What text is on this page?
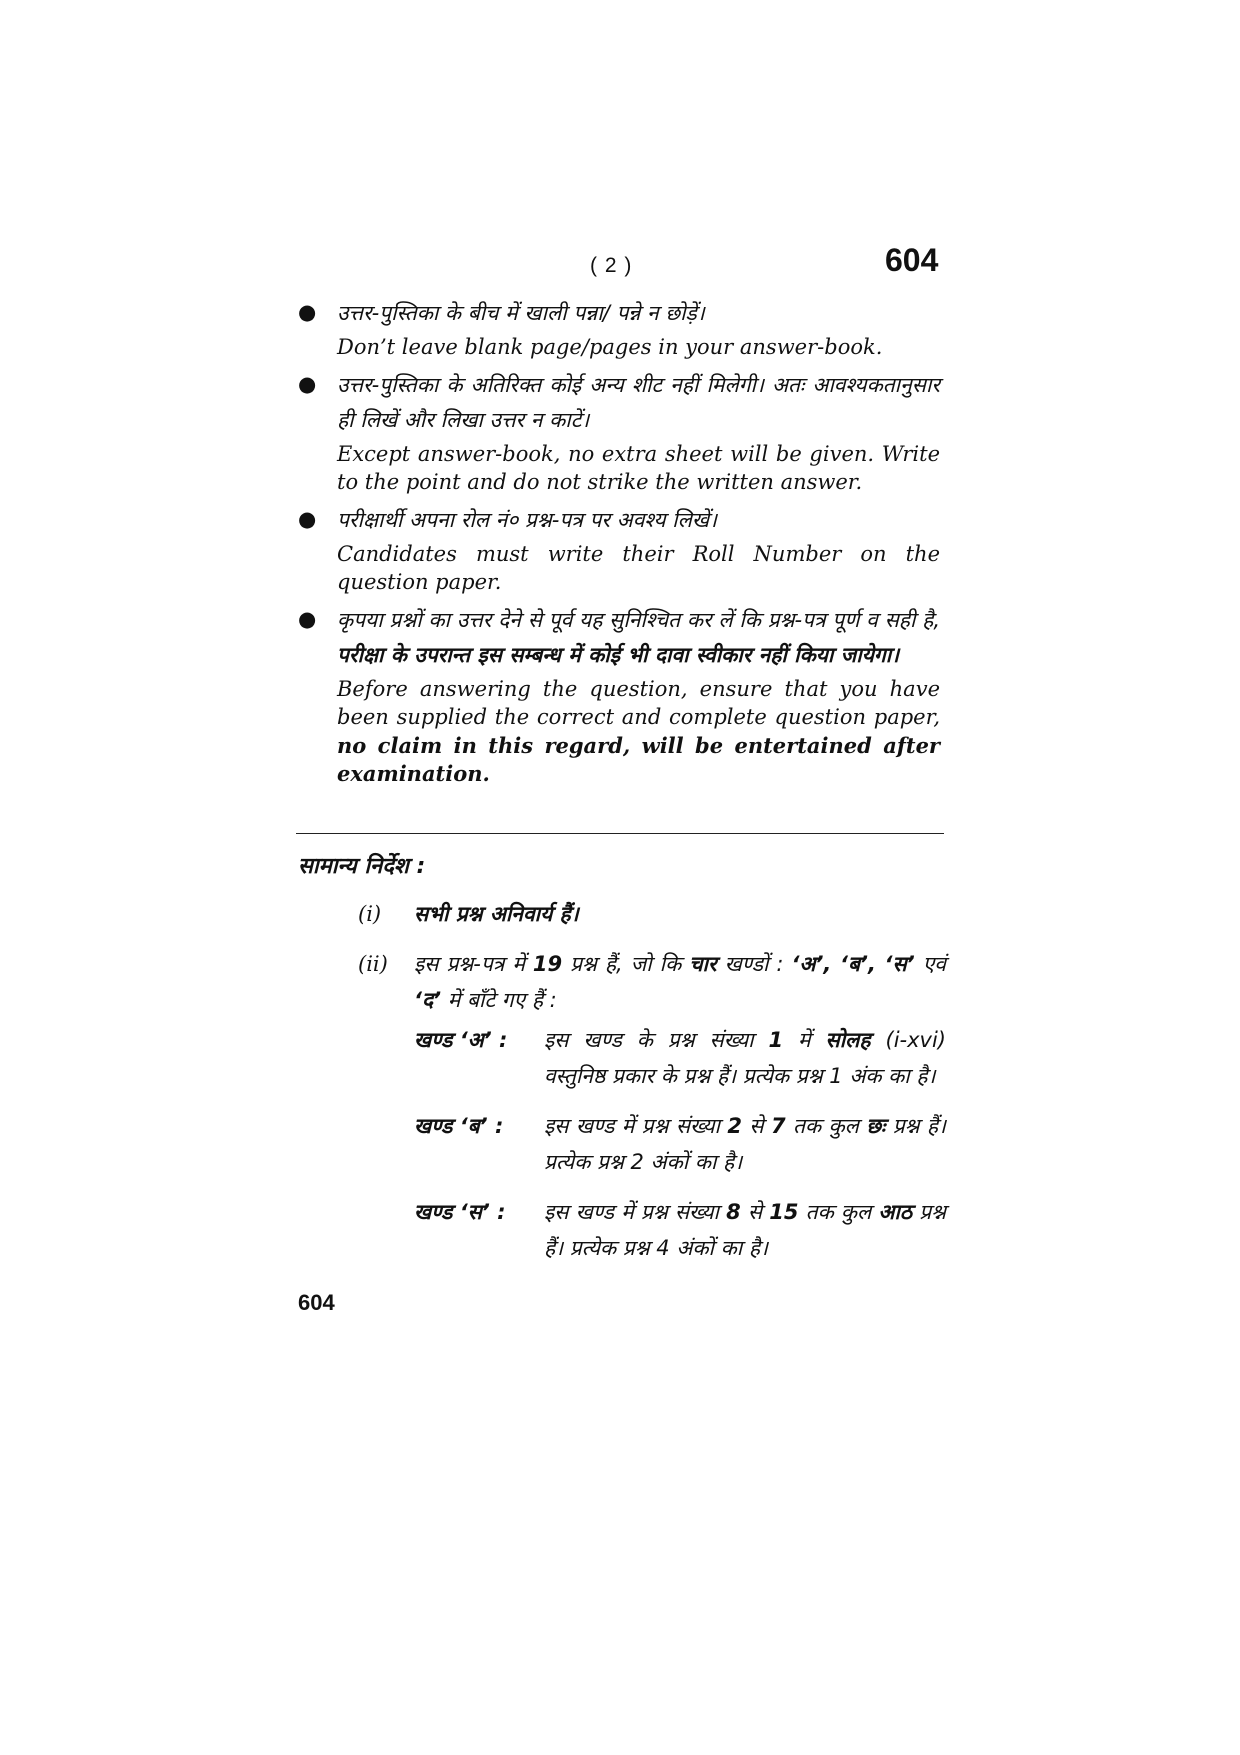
( 2 )	604
● उत्तर-पुस्तिका के बीच में खाली पन्ना/ पन्ने न छोड़ें।

Don’t leave blank page/pages in your answer-book.

● उत्तर-पुस्तिका के अतिरिक्त कोई अन्य शीट नहीं मिलेगी। अतः आवश्यकतानुसार ही लिखें और लिखा उत्तर न काटें।

Except answer-book, no extra sheet will be given. Write to the point and do not strike the written answer.

● परीक्षार्थी अपना रोल नं० प्रश्न-पत्र पर अवश्य लिखें।

Candidates must write their Roll Number on the question paper.

● कृपया प्रश्नों का उत्तर देने से पूर्व यह सुनिश्चित कर लें कि प्रश्न-पत्र पूर्ण व सही है, परीक्षा के उपरान्त इस सम्बन्ध में कोई भी दावा स्वीकार नहीं किया जायेगा।

Before answering the question, ensure that you have been supplied the correct and complete question paper, no claim in this regard, will be entertained after examination.

सामान्य निर्देश :
(i) सभी प्रश्न अनिवार्य हैं।
(ii) इस प्रश्न-पत्र में 19 प्रश्न हैं, जो कि चार खण्डों : ‘अ’, ‘ब’, ‘स’ एवं ‘द’ में बाँटे गए हैं :
खण्ड ‘अ’ : इस खण्ड के प्रश्न संख्या 1 में सोलह (i-xvi) वस्तुनिष्ठ प्रकार के प्रश्न हैं। प्रत्येक प्रश्न 1 अंक का है।
खण्ड ‘ब’ : इस खण्ड में प्रश्न संख्या 2 से 7 तक कुल छः प्रश्न हैं। प्रत्येक प्रश्न 2 अंकों का है।
खण्ड ‘स’ : इस खण्ड में प्रश्न संख्या 8 से 15 तक कुल आठ प्रश्न हैं। प्रत्येक प्रश्न 4 अंकों का है।
604
